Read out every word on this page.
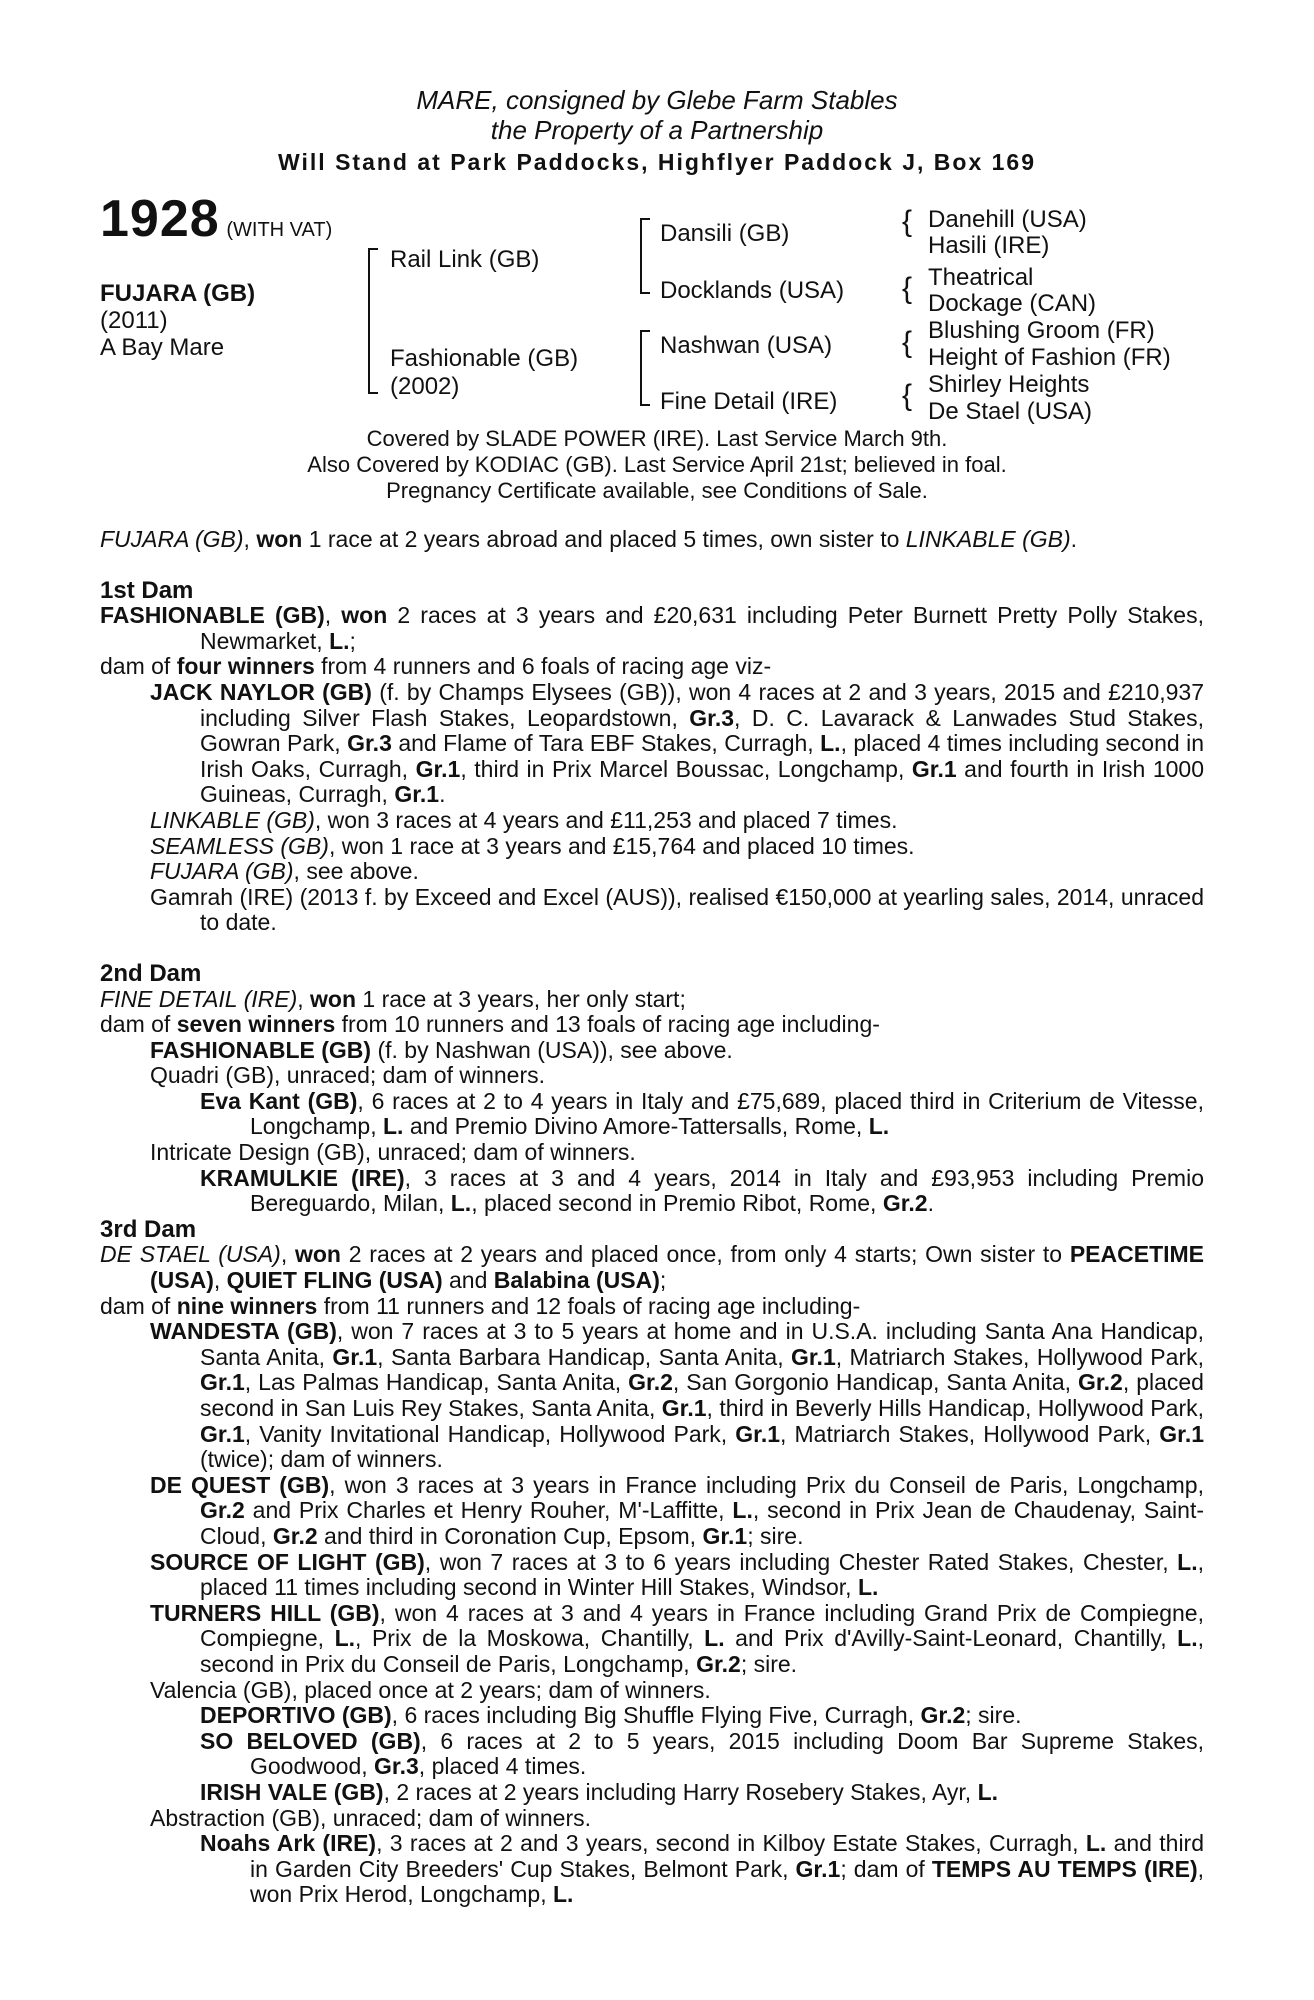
MARE, consigned by Glebe Farm Stables
the Property of a Partnership
Will Stand at Park Paddocks, Highflyer Paddock J, Box 169
1928 (WITH VAT)
FUJARA (GB)
(2011)
A Bay Mare
Rail Link (GB)
Fashionable (GB)
(2002)
Dansili (GB)
Docklands (USA)
Nashwan (USA)
Fine Detail (IRE)
{ Danehill (USA)
Hasili (IRE)
{ Theatrical
Dockage (CAN)
{ Blushing Groom (FR)
Height of Fashion (FR)
{ Shirley Heights
De Stael (USA)
Covered by SLADE POWER (IRE). Last Service March 9th.
Also Covered by KODIAC (GB). Last Service April 21st; believed in foal.
Pregnancy Certificate available, see Conditions of Sale.

FUJARA (GB), won 1 race at 2 years abroad and placed 5 times, own sister to LINKABLE (GB).

1st Dam

FASHIONABLE (GB), won 2 races at 3 years and £20,631 including Peter Burnett Pretty Polly Stakes, Newmarket, L.;

dam of four winners from 4 runners and 6 foals of racing age viz-

JACK NAYLOR (GB) (f. by Champs Elysees (GB)), won 4 races at 2 and 3 years, 2015 and £210,937 including Silver Flash Stakes, Leopardstown, Gr.3, D. C. Lavarack & Lanwades Stud Stakes, Gowran Park, Gr.3 and Flame of Tara EBF Stakes, Curragh, L., placed 4 times including second in Irish Oaks, Curragh, Gr.1, third in Prix Marcel Boussac, Longchamp, Gr.1 and fourth in Irish 1000 Guineas, Curragh, Gr.1.

LINKABLE (GB), won 3 races at 4 years and £11,253 and placed 7 times.

SEAMLESS (GB), won 1 race at 3 years and £15,764 and placed 10 times.

FUJARA (GB), see above.

Gamrah (IRE) (2013 f. by Exceed and Excel (AUS)), realised €150,000 at yearling sales, 2014, unraced to date.

2nd Dam

FINE DETAIL (IRE), won 1 race at 3 years, her only start;

dam of seven winners from 10 runners and 13 foals of racing age including-

FASHIONABLE (GB) (f. by Nashwan (USA)), see above.

Quadri (GB), unraced; dam of winners.

Eva Kant (GB), 6 races at 2 to 4 years in Italy and £75,689, placed third in Criterium de Vitesse, Longchamp, L. and Premio Divino Amore-Tattersalls, Rome, L.

Intricate Design (GB), unraced; dam of winners.

KRAMULKIE (IRE), 3 races at 3 and 4 years, 2014 in Italy and £93,953 including Premio Bereguardo, Milan, L., placed second in Premio Ribot, Rome, Gr.2.

3rd Dam

DE STAEL (USA), won 2 races at 2 years and placed once, from only 4 starts; Own sister to PEACETIME (USA), QUIET FLING (USA) and Balabina (USA);

dam of nine winners from 11 runners and 12 foals of racing age including-

WANDESTA (GB), won 7 races at 3 to 5 years at home and in U.S.A. including Santa Ana Handicap, Santa Anita, Gr.1, Santa Barbara Handicap, Santa Anita, Gr.1, Matriarch Stakes, Hollywood Park, Gr.1, Las Palmas Handicap, Santa Anita, Gr.2, San Gorgonio Handicap, Santa Anita, Gr.2, placed second in San Luis Rey Stakes, Santa Anita, Gr.1, third in Beverly Hills Handicap, Hollywood Park, Gr.1, Vanity Invitational Handicap, Hollywood Park, Gr.1, Matriarch Stakes, Hollywood Park, Gr.1 (twice); dam of winners.

DE QUEST (GB), won 3 races at 3 years in France including Prix du Conseil de Paris, Longchamp, Gr.2 and Prix Charles et Henry Rouher, M'-Laffitte, L., second in Prix Jean de Chaudenay, Saint-Cloud, Gr.2 and third in Coronation Cup, Epsom, Gr.1; sire.

SOURCE OF LIGHT (GB), won 7 races at 3 to 6 years including Chester Rated Stakes, Chester, L., placed 11 times including second in Winter Hill Stakes, Windsor, L.

TURNERS HILL (GB), won 4 races at 3 and 4 years in France including Grand Prix de Compiegne, Compiegne, L., Prix de la Moskowa, Chantilly, L. and Prix d'Avilly-Saint-Leonard, Chantilly, L., second in Prix du Conseil de Paris, Longchamp, Gr.2; sire.

Valencia (GB), placed once at 2 years; dam of winners.

DEPORTIVO (GB), 6 races including Big Shuffle Flying Five, Curragh, Gr.2; sire.

SO BELOVED (GB), 6 races at 2 to 5 years, 2015 including Doom Bar Supreme Stakes, Goodwood, Gr.3, placed 4 times.

IRISH VALE (GB), 2 races at 2 years including Harry Rosebery Stakes, Ayr, L.

Abstraction (GB), unraced; dam of winners.

Noahs Ark (IRE), 3 races at 2 and 3 years, second in Kilboy Estate Stakes, Curragh, L. and third in Garden City Breeders' Cup Stakes, Belmont Park, Gr.1; dam of TEMPS AU TEMPS (IRE), won Prix Herod, Longchamp, L.
